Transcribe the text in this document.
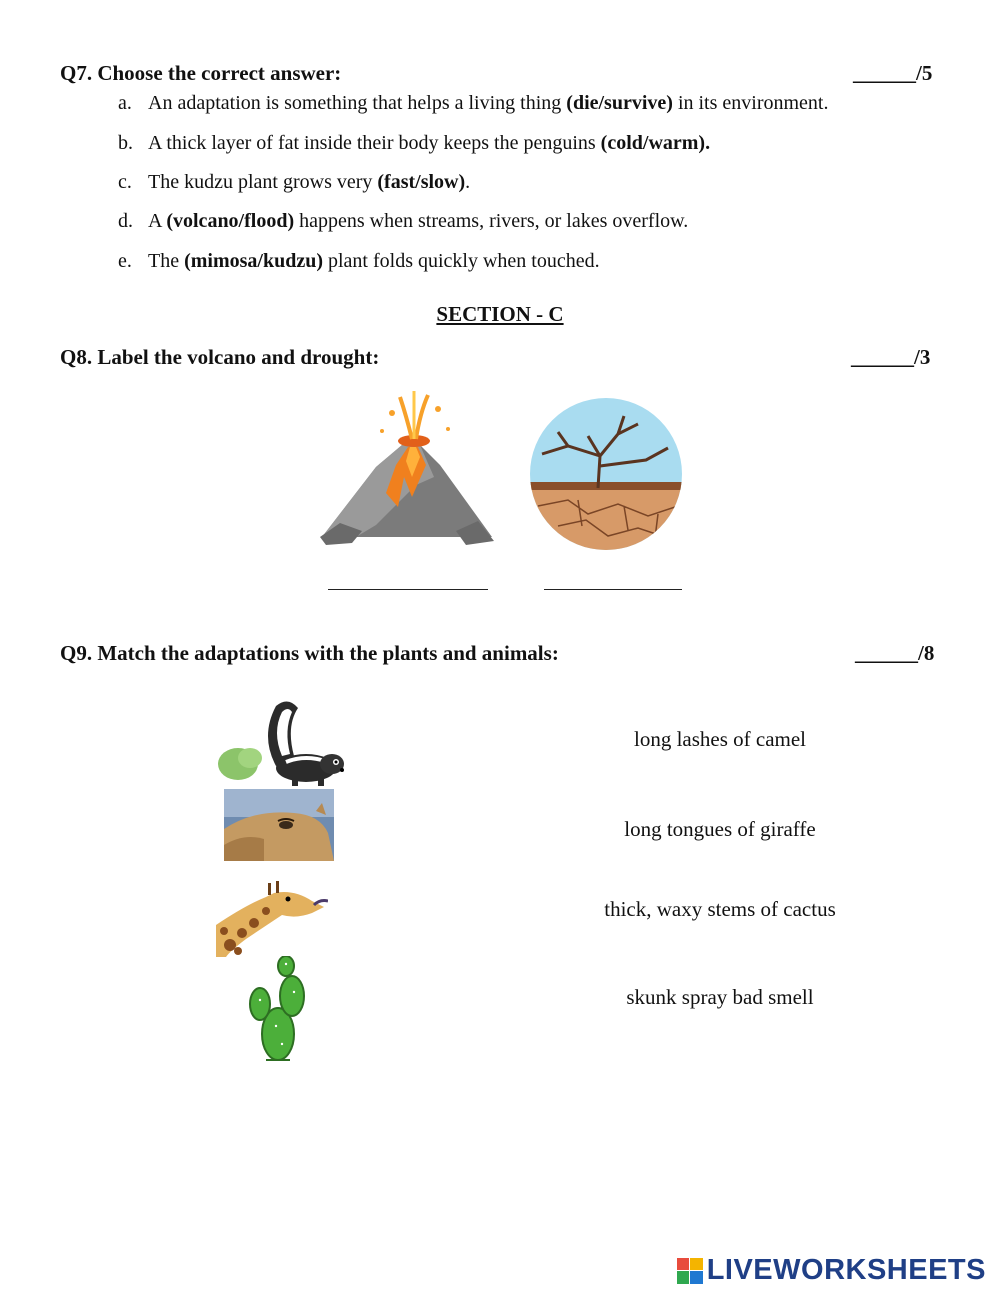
Q7. Choose the correct answer:	______/5
a. An adaptation is something that helps a living thing (die/survive) in its environment.
b. A thick layer of fat inside their body keeps the penguins (cold/warm).
c. The kudzu plant grows very (fast/slow).
d. A (volcano/flood) happens when streams, rivers, or lakes overflow.
e. The (mimosa/kudzu) plant folds quickly when touched.
SECTION - C
Q8. Label the volcano and drought:	______/3
Q9. Match the adaptations with the plants and animals:	______/8
long lashes of camel
long tongues of giraffe
thick, waxy stems of cactus
skunk spray bad smell
LIVEWORKSHEETS
